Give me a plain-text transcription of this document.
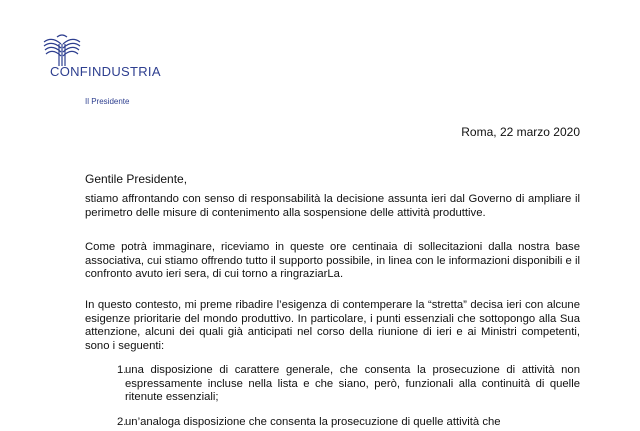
CONFINDUSTRIA
Il Presidente
Roma, 22 marzo 2020
Gentile Presidente,

stiamo affrontando con senso di responsabilità la decisione assunta ieri dal Governo di ampliare il perimetro delle misure di contenimento alla sospensione delle attività produttive.

Come potrà immaginare, riceviamo in queste ore centinaia di sollecitazioni dalla nostra base associativa, cui stiamo offrendo tutto il supporto possibile, in linea con le informazioni disponibili e il confronto avuto ieri sera, di cui torno a ringraziarLa.

In questo contesto, mi preme ribadire l’esigenza di contemperare la “stretta” decisa ieri con alcune esigenze prioritarie del mondo produttivo. In particolare, i punti essenziali che sottopongo alla Sua attenzione, alcuni dei quali già anticipati nel corso della riunione di ieri e ai Ministri competenti, sono i seguenti:

1.
una disposizione di carattere generale, che consenta la prosecuzione di attività non espressamente incluse nella lista e che siano, però, funzionali alla continuità di quelle ritenute essenziali;
2.
un’analoga disposizione che consenta la prosecuzione di quelle attività che
